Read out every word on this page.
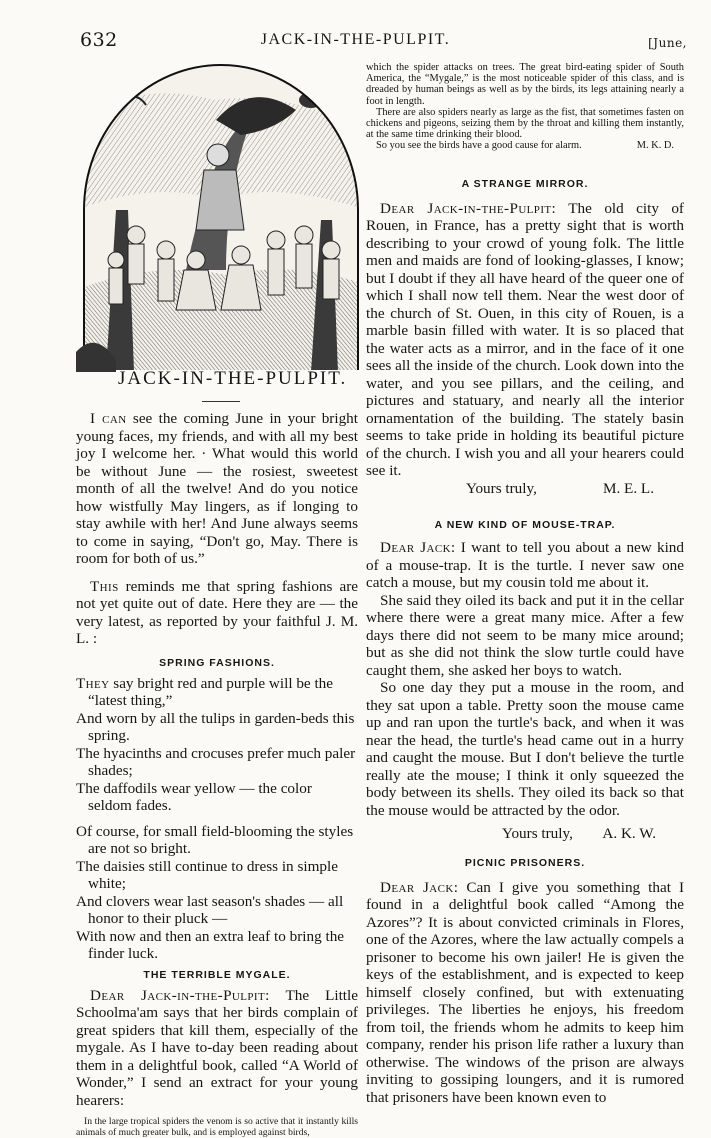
632	JACK-IN-THE-PULPIT.	[June,
JACK-IN-THE-PULPIT.

I can see the coming June in your bright young faces, my friends, and with all my best joy I welcome her. · What would this world be without June — the rosiest, sweetest month of all the twelve! And do you notice how wistfully May lingers, as if longing to stay awhile with her! And June always seems to come in saying, “Don't go, May. There is room for both of us.”

This reminds me that spring fashions are not yet quite out of date. Here they are — the very latest, as reported by your faithful J. M. L. :

SPRING FASHIONS.
They say bright red and purple will be the “latest thing,”
And worn by all the tulips in garden-beds this spring.
The hyacinths and crocuses prefer much paler shades;
The daffodils wear yellow — the color seldom fades.
Of course, for small field-blooming the styles are not so bright.
The daisies still continue to dress in simple white;
And clovers wear last season's shades — all honor to their pluck —
With now and then an extra leaf to bring the finder luck.
THE TERRIBLE MYGALE.

Dear Jack-in-the-Pulpit: The Little Schoolma'am says that her birds complain of great spiders that kill them, especially of the mygale. As I have to-day been reading about them in a delightful book, called “A World of Wonder,” I send an extract for your young hearers:

In the large tropical spiders the venom is so active that it instantly kills animals of much greater bulk, and is employed against birds,

which the spider attacks on trees. The great bird-eating spider of South America, the “Mygale,” is the most noticeable spider of this class, and is dreaded by human beings as well as by the birds, its legs attaining nearly a foot in length.

There are also spiders nearly as large as the fist, that sometimes fasten on chickens and pigeons, seizing them by the throat and killing them instantly, at the same time drinking their blood.

So you see the birds have a good cause for alarm.	M. K. D.
A STRANGE MIRROR.

Dear Jack-in-the-Pulpit: The old city of Rouen, in France, has a pretty sight that is worth describing to your crowd of young folk. The little men and maids are fond of looking-glasses, I know; but I doubt if they all have heard of the queer one of which I shall now tell them. Near the west door of the church of St. Ouen, in this city of Rouen, is a marble basin filled with water. It is so placed that the water acts as a mirror, and in the face of it one sees all the inside of the church. Look down into the water, and you see pillars, and the ceiling, and pictures and statuary, and nearly all the interior ornamentation of the building. The stately basin seems to take pride in holding its beautiful picture of the church. I wish you and all your hearers could see it.

Yours truly,	M. E. L.
A NEW KIND OF MOUSE-TRAP.

Dear Jack: I want to tell you about a new kind of a mouse-trap. It is the turtle. I never saw one catch a mouse, but my cousin told me about it.

She said they oiled its back and put it in the cellar where there were a great many mice. After a few days there did not seem to be many mice around; but as she did not think the slow turtle could have caught them, she asked her boys to watch.

So one day they put a mouse in the room, and they sat upon a table. Pretty soon the mouse came up and ran upon the turtle's back, and when it was near the head, the turtle's head came out in a hurry and caught the mouse. But I don't believe the turtle really ate the mouse; I think it only squeezed the body between its shells. They oiled its back so that the mouse would be attracted by the odor.

Yours truly, A. K. W.
PICNIC PRISONERS.

Dear Jack: Can I give you something that I found in a delightful book called “Among the Azores”? It is about convicted criminals in Flores, one of the Azores, where the law actually compels a prisoner to become his own jailer! He is given the keys of the establishment, and is expected to keep himself closely confined, but with extenuating privileges. The liberties he enjoys, his freedom from toil, the friends whom he admits to keep him company, render his prison life rather a luxury than otherwise. The windows of the prison are always inviting to gossiping loungers, and it is rumored that prisoners have been known even to
